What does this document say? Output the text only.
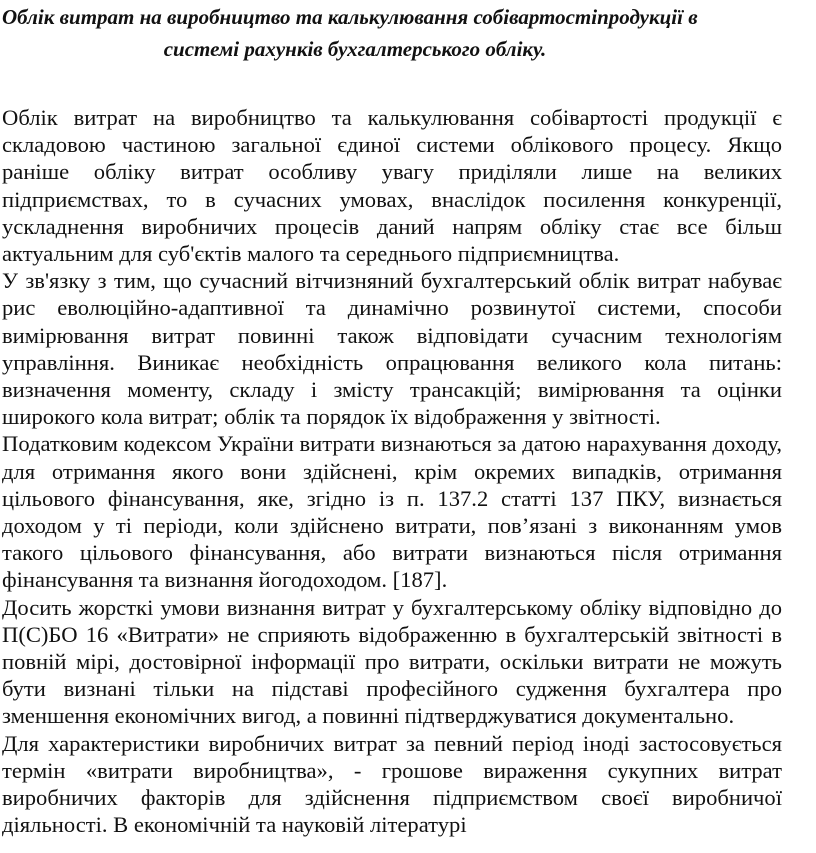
Облік витрат на виробництво та калькулювання собівартостіпродукції в
системі рахунків бухгалтерського обліку.

Облік витрат на виробництво та калькулювання собівартості продукції є складовою частиною загальної єдиної системи облікового процесу. Якщо раніше обліку витрат особливу увагу приділяли лише на великих підприємствах, то в сучасних умовах, внаслідок посилення конкуренції, ускладнення виробничих процесів даний напрям обліку стає все більш актуальним для суб'єктів малого та середнього підприємництва.

У зв'язку з тим, що сучасний вітчизняний бухгалтерський облік витрат набуває рис еволюційно-адаптивної та динамічно розвинутої системи, способи вимірювання витрат повинні також відповідати сучасним технологіям управління. Виникає необхідність опрацювання великого кола питань: визначення моменту, складу і змісту трансакцій; вимірювання та оцінки широкого кола витрат; облік та порядок їх відображення у звітності.

Податковим кодексом України витрати визнаються за датою нарахування доходу, для отримання якого вони здійснені, крім окремих випадків, отримання цільового фінансування, яке, згідно із п. 137.2 статті 137 ПКУ, визнається доходом у ті періоди, коли здійснено витрати, пов’язані з виконанням умов такого цільового фінансування, або витрати визнаються після отримання фінансування та визнання йогодоходом. [187].

Досить жорсткі умови визнання витрат у бухгалтерському обліку відповідно до П(С)БО 16 «Витрати» не сприяють відображенню в бухгалтерській звітності в повній мірі, достовірної інформації про витрати, оскільки витрати не можуть бути визнані тільки на підставі професійного судження бухгалтера про зменшення економічних вигод, а повинні підтверджуватися документально.

Для характеристики виробничих витрат за певний період іноді застосовується термін «витрати виробництва», - грошове вираження сукупних витрат виробничих факторів для здійснення підприємством своєї виробничої діяльності. В економічній та науковій літературі
